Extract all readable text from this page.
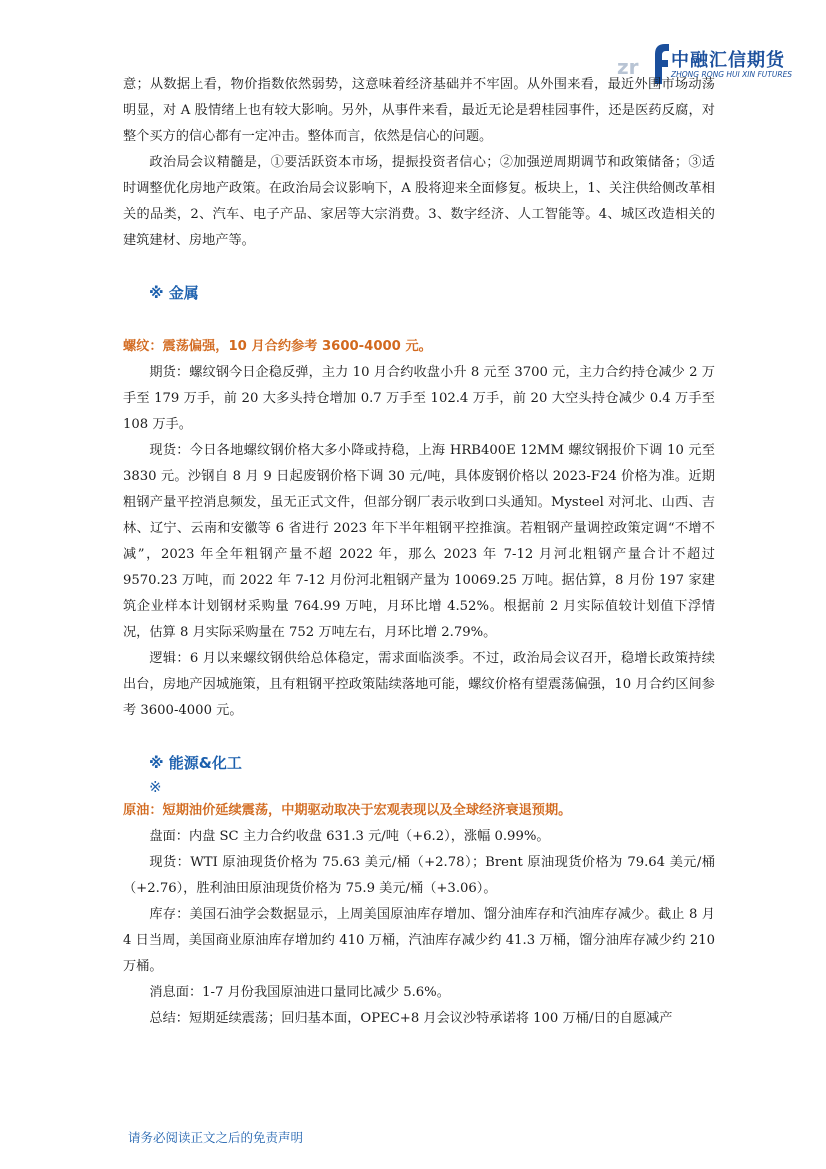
zr 中融汇信期货
ZHONG RONG HUI XIN FUTURES

意；从数据上看，物价指数依然弱势，这意味着经济基础并不牢固。从外围来看，最近外围市场动荡明显，对 A 股情绪上也有较大影响。另外，从事件来看，最近无论是碧桂园事件，还是医药反腐，对整个买方的信心都有一定冲击。整体而言，依然是信心的问题。

政治局会议精髓是，①要活跃资本市场，提振投资者信心；②加强逆周期调节和政策储备；③适时调整优化房地产政策。在政治局会议影响下，A 股将迎来全面修复。板块上，1、关注供给侧改革相关的品类，2、汽车、电子产品、家居等大宗消费。3、数字经济、人工智能等。4、城区改造相关的建筑建材、房地产等。

※ 金属

螺纹：震荡偏强，10 月合约参考 3600-4000 元。

期货：螺纹钢今日企稳反弹，主力 10 月合约收盘小升 8 元至 3700 元，主力合约持仓减少 2 万手至 179 万手，前 20 大多头持仓增加 0.7 万手至 102.4 万手，前 20 大空头持仓减少 0.4 万手至 108 万手。

现货：今日各地螺纹钢价格大多小降或持稳，上海 HRB400E 12MM 螺纹钢报价下调 10 元至 3830 元。沙钢自 8 月 9 日起废钢价格下调 30 元/吨，具体废钢价格以 2023-F24 价格为准。近期粗钢产量平控消息频发，虽无正式文件，但部分钢厂表示收到口头通知。Mysteel 对河北、山西、吉林、辽宁、云南和安徽等 6 省进行 2023 年下半年粗钢平控推演。若粗钢产量调控政策定调“不增不减”，2023 年全年粗钢产量不超 2022 年，那么 2023 年 7-12 月河北粗钢产量合计不超过 9570.23 万吨，而 2022 年 7-12 月份河北粗钢产量为 10069.25 万吨。据估算，8 月份 197 家建筑企业样本计划钢材采购量 764.99 万吨，月环比增 4.52%。根据前 2 月实际值较计划值下浮情况，估算 8 月实际采购量在 752 万吨左右，月环比增 2.79%。

逻辑：6 月以来螺纹钢供给总体稳定，需求面临淡季。不过，政治局会议召开，稳增长政策持续出台，房地产因城施策，且有粗钢平控政策陆续落地可能，螺纹价格有望震荡偏强，10 月合约区间参考 3600-4000 元。

※ 能源&化工
※

原油：短期油价延续震荡，中期驱动取决于宏观表现以及全球经济衰退预期。

盘面：内盘 SC 主力合约收盘 631.3 元/吨（+6.2），涨幅 0.99%。

现货：WTI 原油现货价格为 75.63 美元/桶（+2.78）；Brent 原油现货价格为 79.64 美元/桶（+2.76），胜利油田原油现货价格为 75.9 美元/桶（+3.06）。

库存：美国石油学会数据显示，上周美国原油库存增加、馏分油库存和汽油库存减少。截止 8 月 4 日当周，美国商业原油库存增加约 410 万桶，汽油库存减少约 41.3 万桶，馏分油库存减少约 210 万桶。

消息面：1-7 月份我国原油进口量同比减少 5.6%。

总结：短期延续震荡；回归基本面，OPEC+8 月会议沙特承诺将 100 万桶/日的自愿减产

请务必阅读正文之后的免责声明
